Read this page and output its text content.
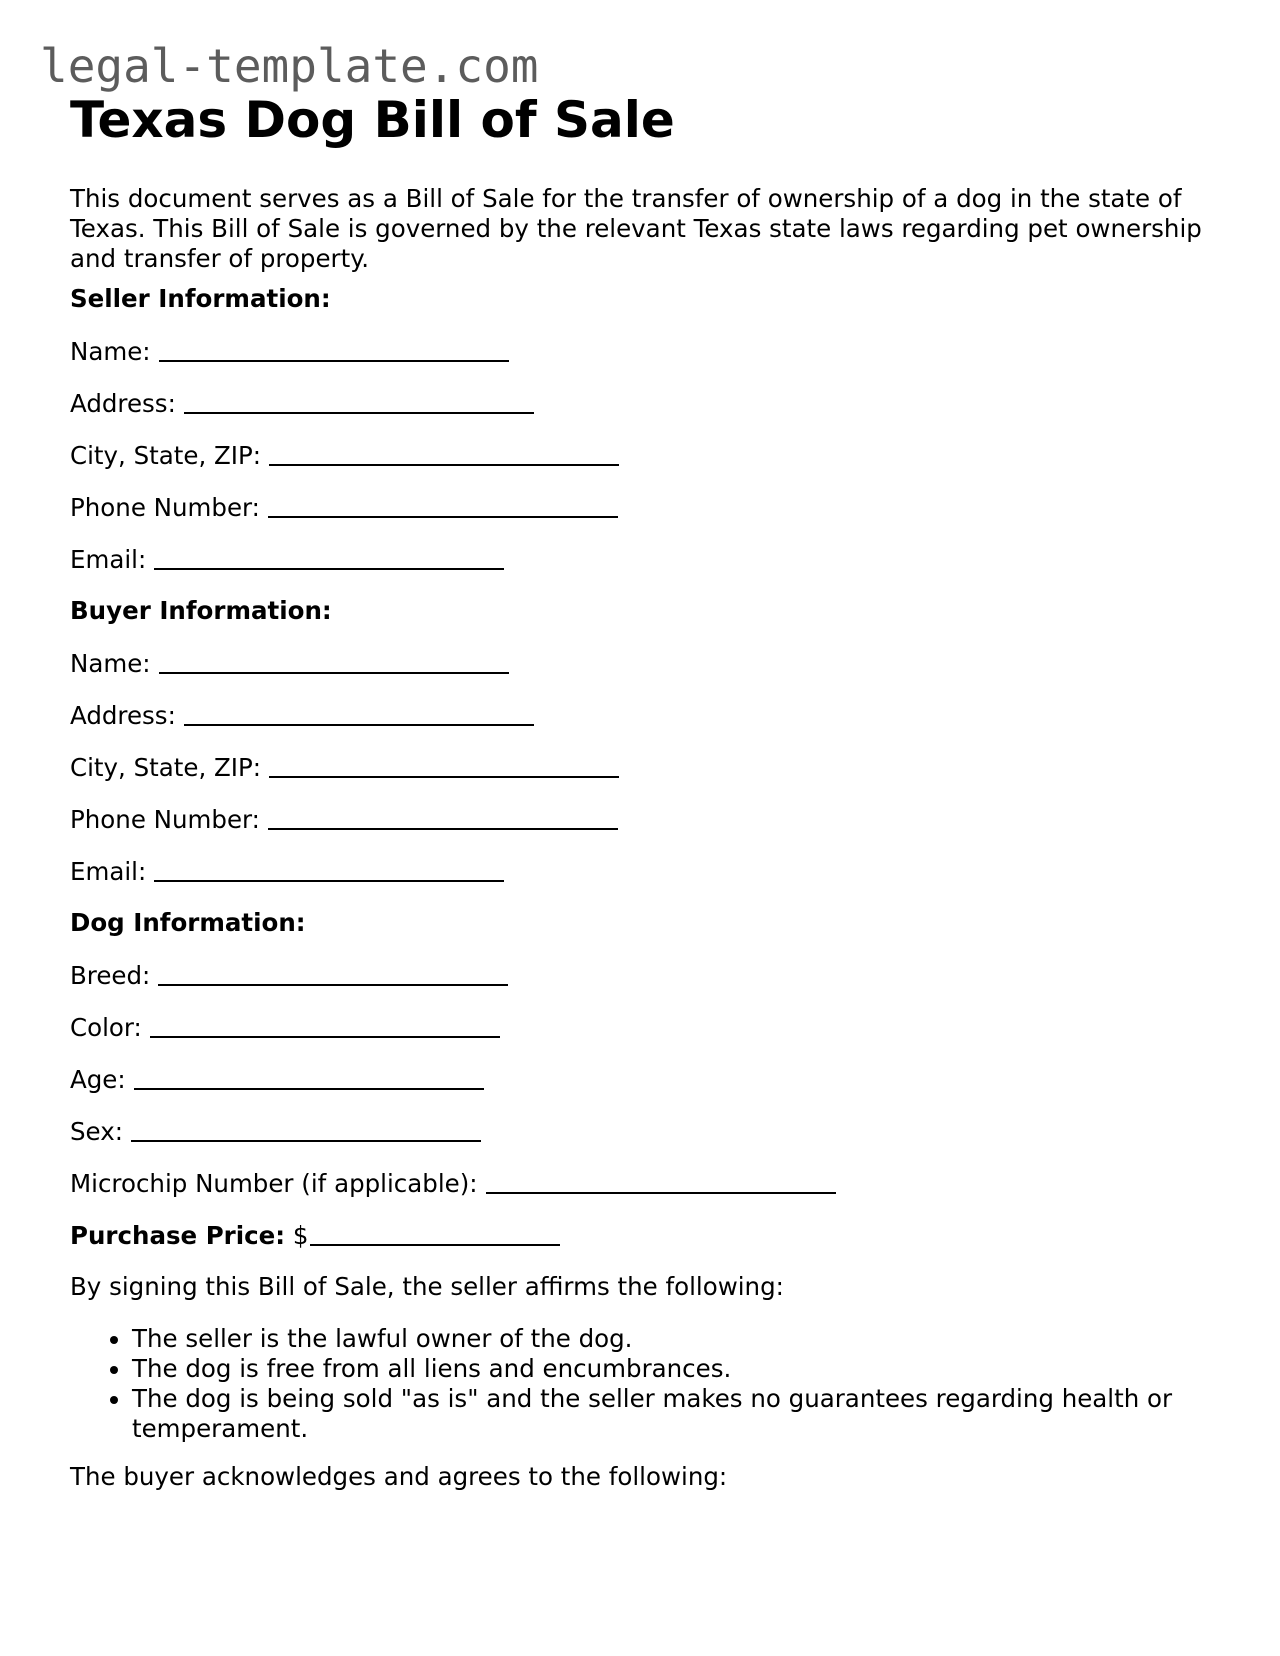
legal-template.com
Texas Dog Bill of Sale

This document serves as a Bill of Sale for the transfer of ownership of a dog in the state of Texas. This Bill of Sale is governed by the relevant Texas state laws regarding pet ownership and transfer of property.

Seller Information:

Name:

Address:

City, State, ZIP:

Phone Number:

Email:

Buyer Information:

Name:

Address:

City, State, ZIP:

Phone Number:

Email:

Dog Information:

Breed:

Color:

Age:

Sex:

Microchip Number (if applicable):

Purchase Price: $

By signing this Bill of Sale, the seller affirms the following:

• The seller is the lawful owner of the dog.
• The dog is free from all liens and encumbrances.
• The dog is being sold "as is" and the seller makes no guarantees regarding health or temperament.

The buyer acknowledges and agrees to the following:
